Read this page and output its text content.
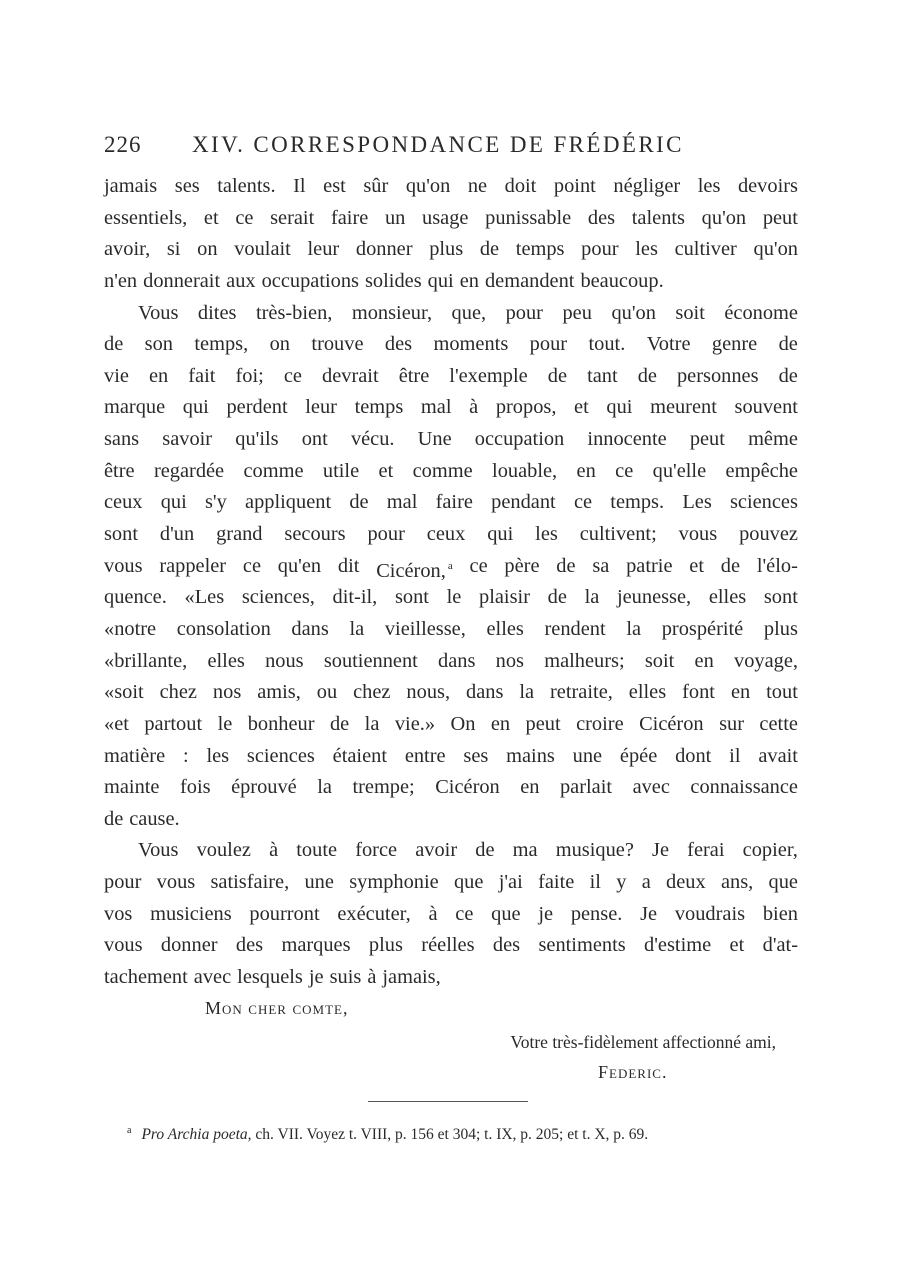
226 XIV. CORRESPONDANCE DE FRÉDÉRIC
jamais ses talents. Il est sûr qu'on ne doit point négliger les devoirs
essentiels, et ce serait faire un usage punissable des talents qu'on peut
avoir, si on voulait leur donner plus de temps pour les cultiver qu'on
n'en donnerait aux occupations solides qui en demandent beaucoup.
Vous dites très-bien, monsieur, que, pour peu qu'on soit économe
de son temps, on trouve des moments pour tout. Votre genre de
vie en fait foi; ce devrait être l'exemple de tant de personnes de
marque qui perdent leur temps mal à propos, et qui meurent souvent
sans savoir qu'ils ont vécu. Une occupation innocente peut même
être regardée comme utile et comme louable, en ce qu'elle empêche
ceux qui s'y appliquent de mal faire pendant ce temps. Les sciences
sont d'un grand secours pour ceux qui les cultivent; vous pouvez
vous rappeler ce qu'en dit Cicéron, $^a$ ce père de sa patrie et de l'élo-
quence. «Les sciences, dit-il, sont le plaisir de la jeunesse, elles sont
«notre consolation dans la vieillesse, elles rendent la prospérité plus
«brillante, elles nous soutiennent dans nos malheurs; soit en voyage,
«soit chez nos amis, ou chez nous, dans la retraite, elles font en tout
«et partout le bonheur de la vie.» On en peut croire Cicéron sur cette
matière : les sciences étaient entre ses mains une épée dont il avait
mainte fois éprouvé la trempe; Cicéron en parlait avec connaissance
de cause.
Vous voulez à toute force avoir de ma musique? Je ferai copier,
pour vous satisfaire, une symphonie que j'ai faite il y a deux ans, que
vos musiciens pourront exécuter, à ce que je pense. Je voudrais bien
vous donner des marques plus réelles des sentiments d'estime et d'at-
tachement avec lesquels je suis à jamais,
Mon cher comte,
Votre très-fidèlement affectionné ami,
Federic.
$^a$ Pro Archia poeta, ch. VII. Voyez t. VIII, p. 156 et 304; t. IX, p. 205; et t. X, p. 69.
